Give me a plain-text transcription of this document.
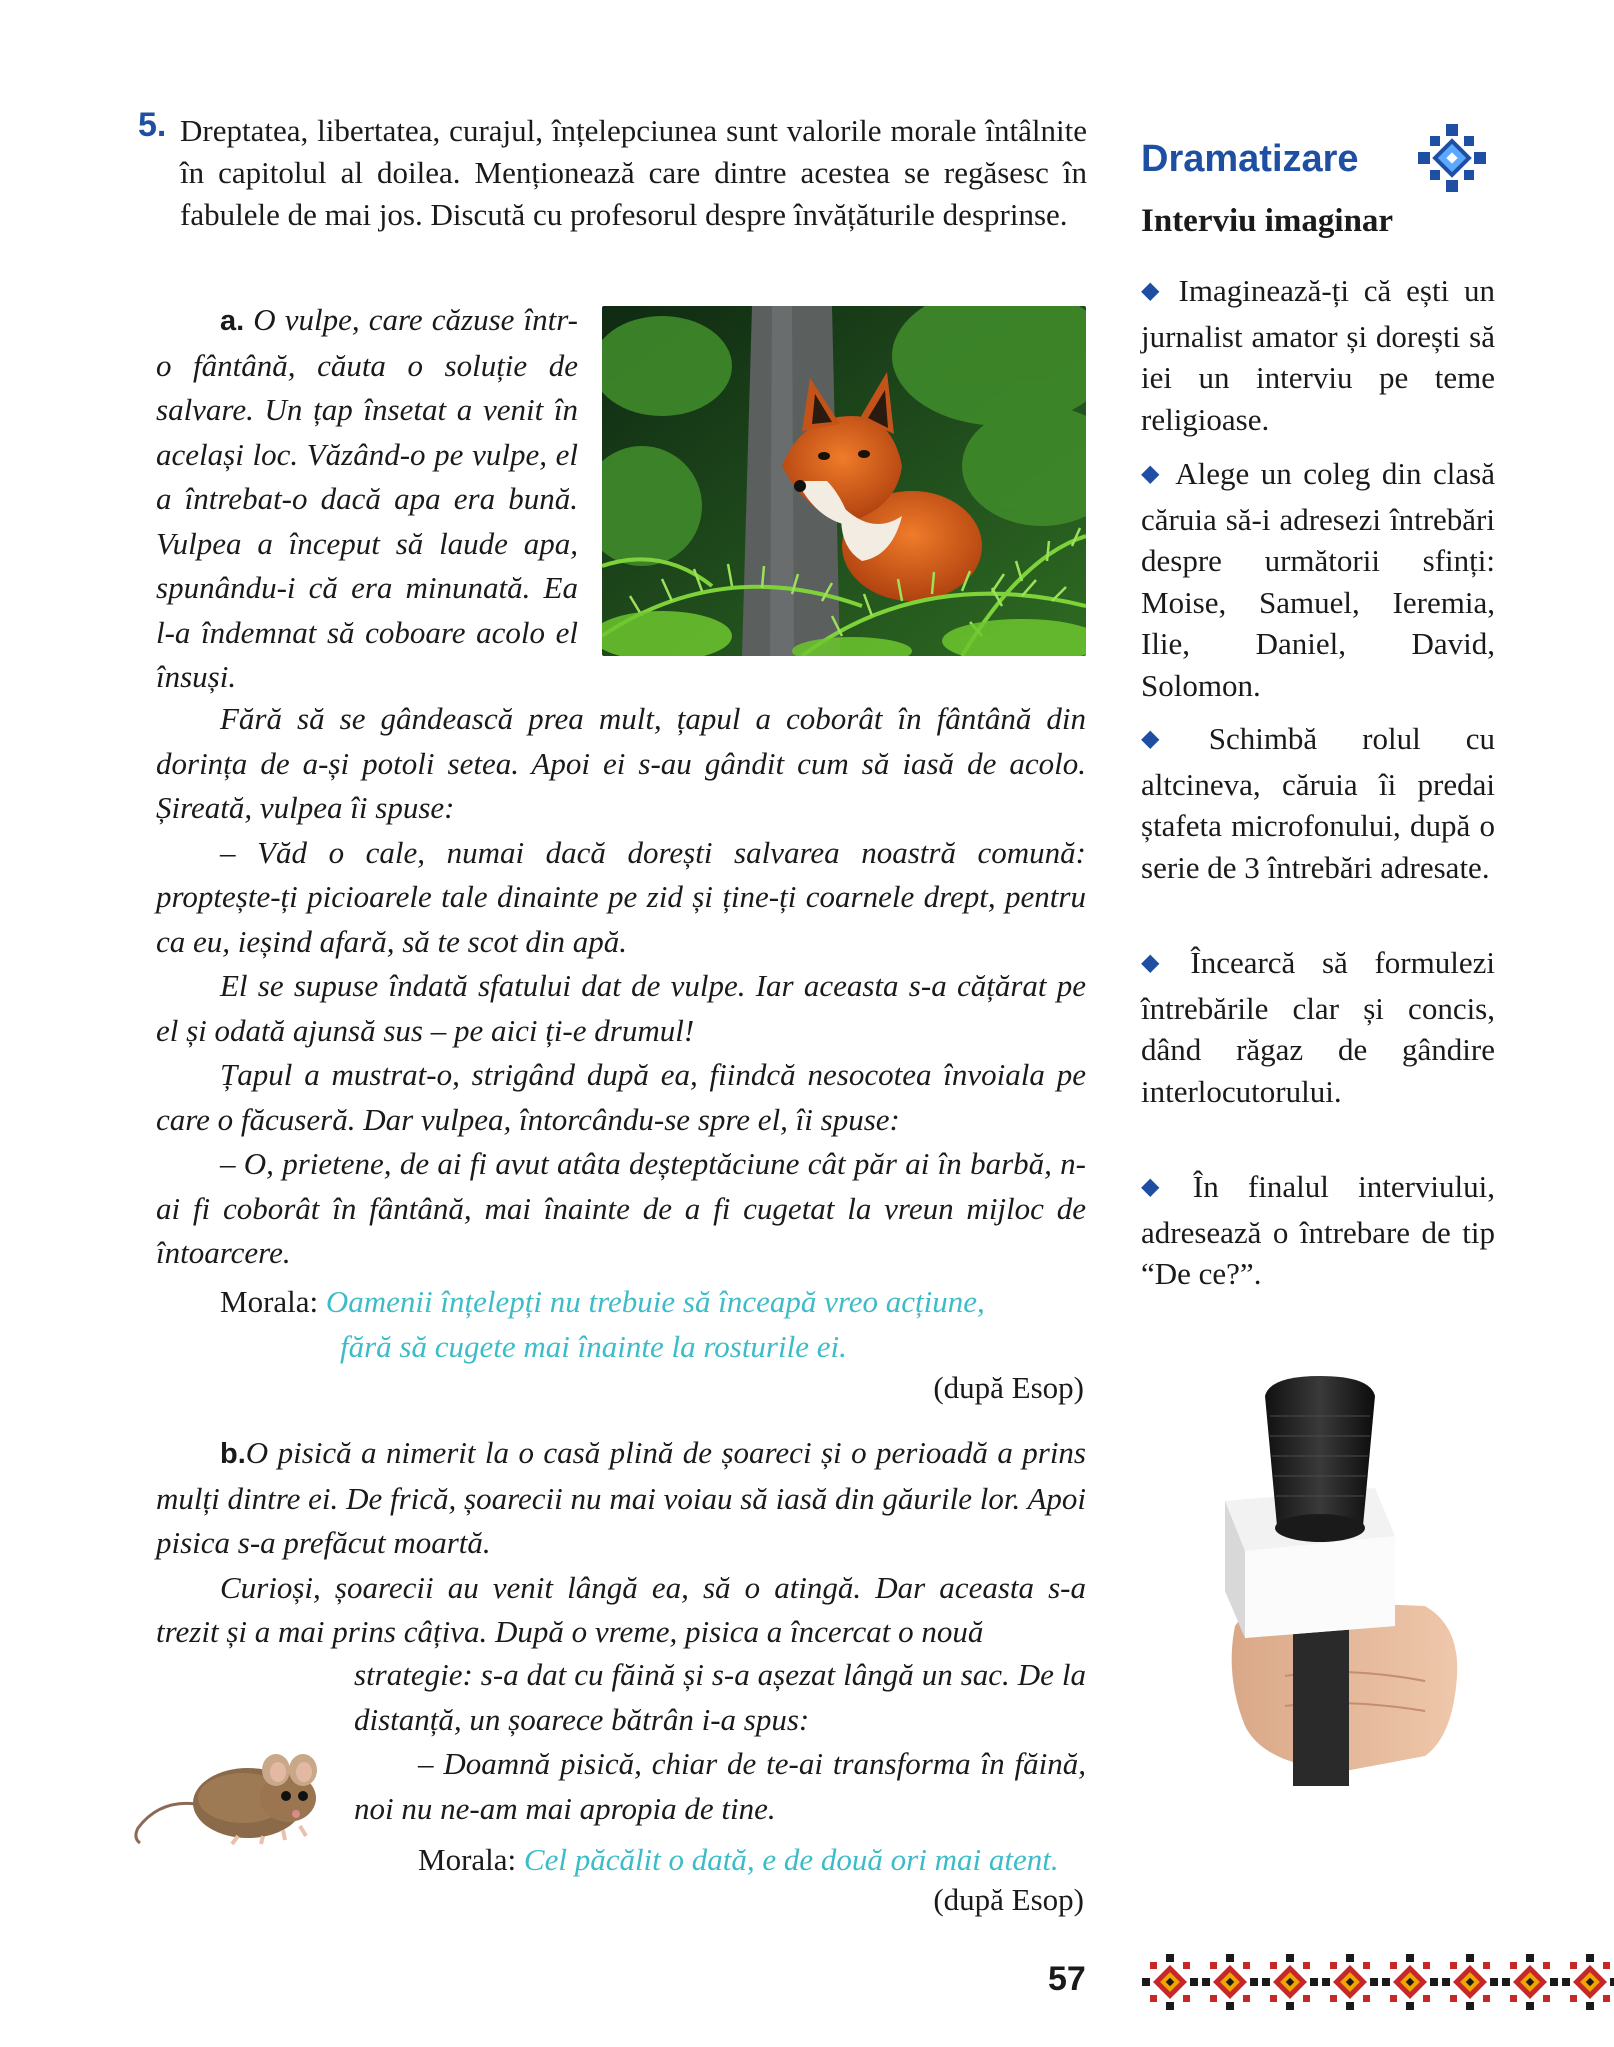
5. Dreptatea, libertatea, curajul, înțelepciunea sunt valorile morale întâlnite în capitolul al doilea. Menționează care dintre acestea se regăsesc în fabulele de mai jos. Discută cu profesorul despre învățăturile desprinse.

a. O vulpe, care căzuse într-o fântână, căuta o soluție de salvare. Un țap însetat a venit în același loc. Văzând-o pe vulpe, el a întrebat-o dacă apa era bună. Vulpea a început să laude apa, spunându-i că era minunată. Ea l-a îndemnat să coboare acolo el însuși.

Fără să se gândească prea mult, țapul a coborât în fântână din dorința de a-și potoli setea. Apoi ei s-au gândit cum să iasă de acolo. Șireată, vulpea îi spuse:

– Văd o cale, numai dacă dorești salvarea noastră comună: proptește-ți picioarele tale dinainte pe zid și ține-ți coarnele drept, pentru ca eu, ieșind afară, să te scot din apă.

El se supuse îndată sfatului dat de vulpe. Iar aceasta s-a cățărat pe el și odată ajunsă sus – pe aici ți-e drumul!

Țapul a mustrat-o, strigând după ea, fiindcă nesocotea învoiala pe care o făcuseră. Dar vulpea, întorcându-se spre el, îi spuse:

– O, prietene, de ai fi avut atâta deșteptăciune cât păr ai în barbă, n-ai fi coborât în fântână, mai înainte de a fi cugetat la vreun mijloc de întoarcere.

Morala: Oamenii înțelepți nu trebuie să înceapă vreo acțiune,

fără să cugete mai înainte la rosturile ei.

(după Esop)

b.O pisică a nimerit la o casă plină de șoareci și o perioadă a prins mulți dintre ei. De frică, șoarecii nu mai voiau să iasă din găurile lor. Apoi pisica s-a prefăcut moartă.

Curioși, șoarecii au venit lângă ea, să o atingă. Dar aceasta s-a trezit și a mai prins câțiva. După o vreme, pisica a încercat o nouă

strategie: s-a dat cu făină și s-a așezat lângă un sac. De la distanță, un șoarece bătrân i-a spus:

– Doamnă pisică, chiar de te-ai transforma în făină, noi nu ne-am mai apropia de tine.

Morala: Cel păcălit o dată, e de două ori mai atent.

(după Esop)
Dramatizare
Interviu imaginar
◆ Imaginează-ți că ești un jurnalist amator și dorești să iei un interviu pe teme religioase.
◆ Alege un coleg din clasă căruia să-i adresezi întrebări despre următorii sfinți: Moise, Samuel, Ieremia, Ilie, Daniel, David, Solomon.
◆ Schimbă rolul cu altcineva, căruia îi predai ștafeta microfonului, după o serie de 3 întrebări adresate.
◆ Încearcă să formulezi întrebările clar și concis, dând răgaz de gândire interlocutorului.
◆ În finalul interviului, adresează o întrebare de tip “De ce?”.
57
